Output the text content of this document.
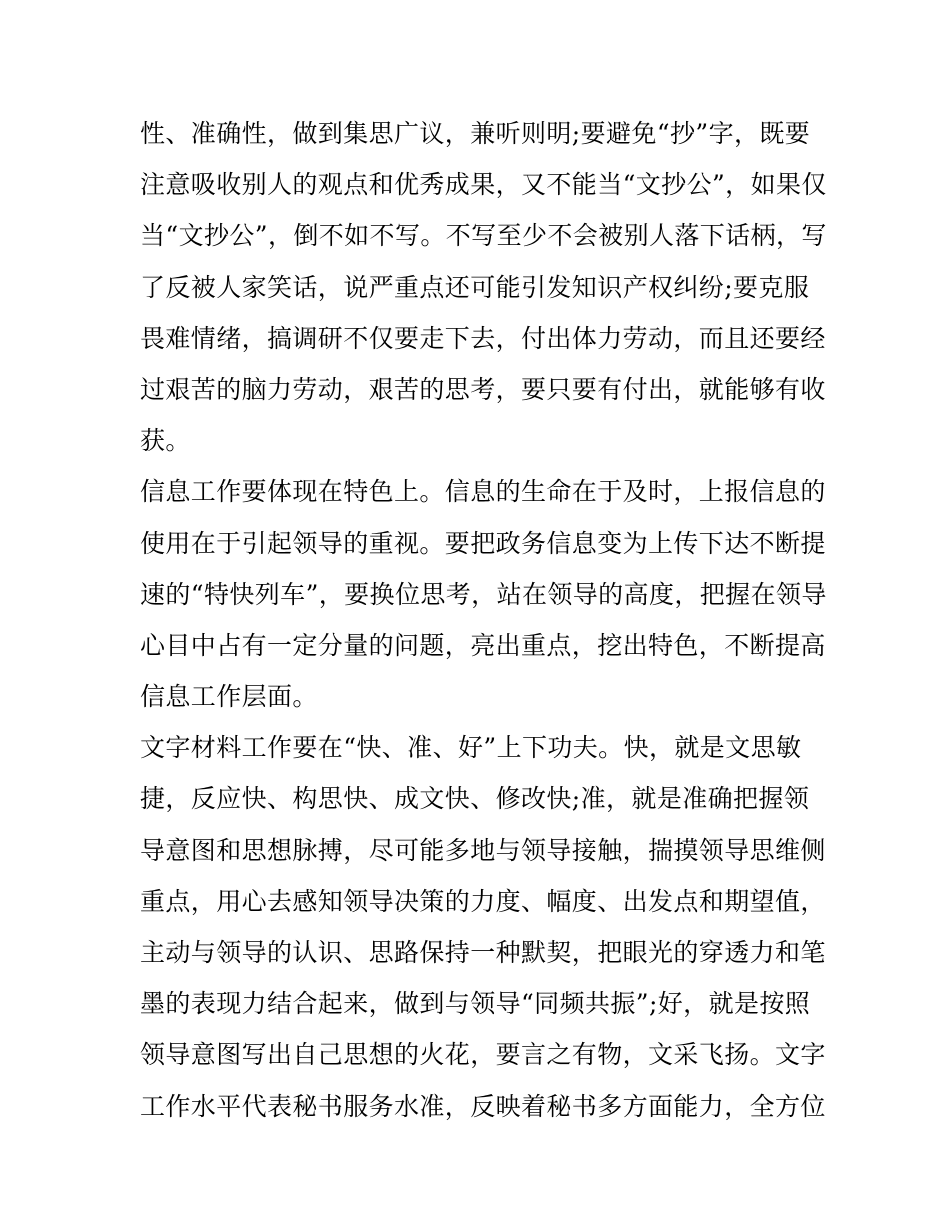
性、准确性，做到集思广议，兼听则明;要避免“抄”字，既要
注意吸收别人的观点和优秀成果，又不能当“文抄公”，如果仅
当“文抄公”，倒不如不写。不写至少不会被别人落下话柄，写
了反被人家笑话，说严重点还可能引发知识产权纠纷;要克服
畏难情绪，搞调研不仅要走下去，付出体力劳动，而且还要经
过艰苦的脑力劳动，艰苦的思考，要只要有付出，就能够有收
获。
信息工作要体现在特色上。信息的生命在于及时，上报信息的
使用在于引起领导的重视。要把政务信息变为上传下达不断提
速的“特快列车”，要换位思考，站在领导的高度，把握在领导
心目中占有一定分量的问题，亮出重点，挖出特色，不断提高
信息工作层面。
文字材料工作要在“快、准、好”上下功夫。快，就是文思敏
捷，反应快、构思快、成文快、修改快;准，就是准确把握领
导意图和思想脉搏，尽可能多地与领导接触，揣摸领导思维侧
重点，用心去感知领导决策的力度、幅度、出发点和期望值，
主动与领导的认识、思路保持一种默契，把眼光的穿透力和笔
墨的表现力结合起来，做到与领导“同频共振”;好，就是按照
领导意图写出自己思想的火花，要言之有物，文采飞扬。文字
工作水平代表秘书服务水准，反映着秘书多方面能力，全方位
